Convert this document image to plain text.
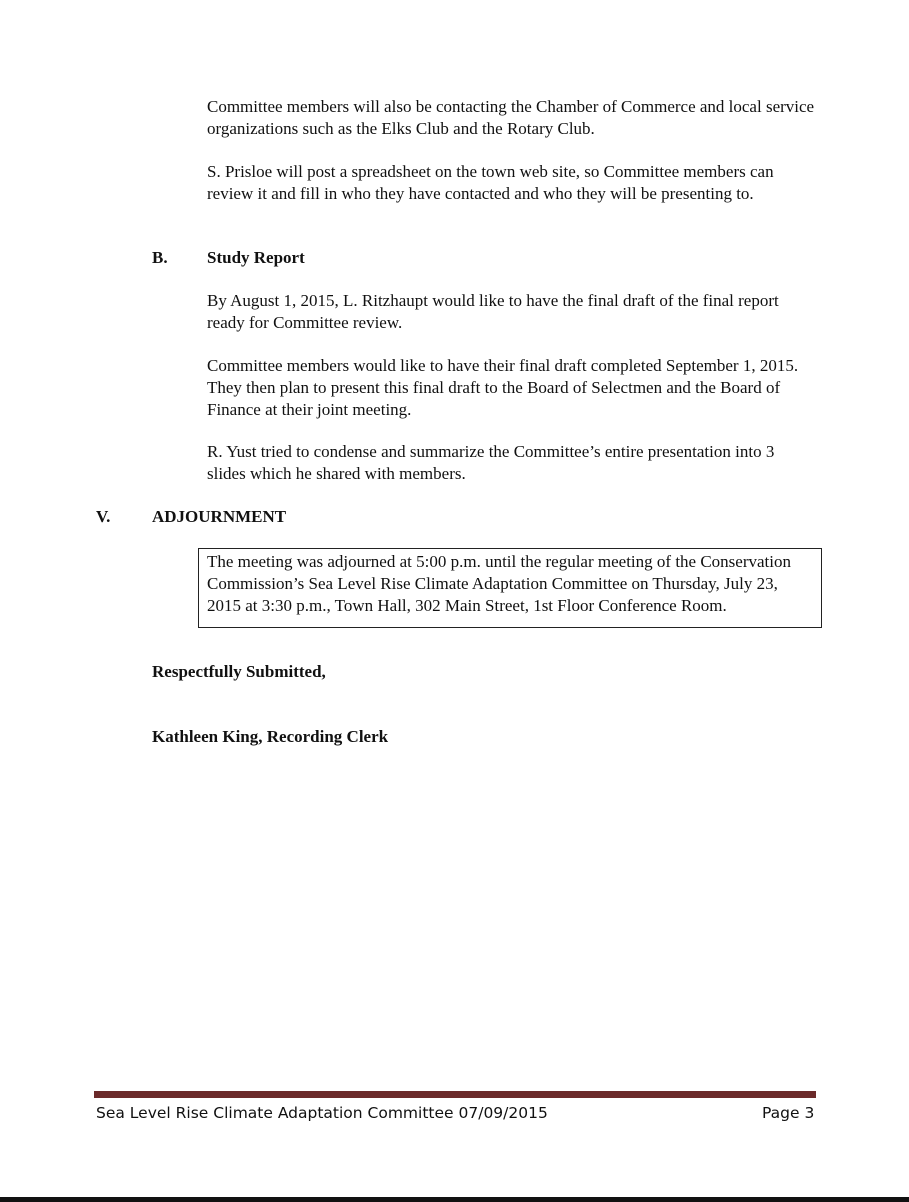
Committee members will also be contacting the Chamber of Commerce and local service organizations such as the Elks Club and the Rotary Club.

S. Prisloe will post a spreadsheet on the town web site, so Committee members can review it and fill in who they have contacted and who they will be presenting to.

B. Study Report

By August 1, 2015, L. Ritzhaupt would like to have the final draft of the final report ready for Committee review.

Committee members would like to have their final draft completed September 1, 2015. They then plan to present this final draft to the Board of Selectmen and the Board of Finance at their joint meeting.

R. Yust tried to condense and summarize the Committee’s entire presentation into 3 slides which he shared with members.

V. ADJOURNMENT

The meeting was adjourned at 5:00 p.m. until the regular meeting of the Conservation Commission’s Sea Level Rise Climate Adaptation Committee on Thursday, July 23, 2015 at 3:30 p.m., Town Hall, 302 Main Street, 1st Floor Conference Room.

Respectfully Submitted,

Kathleen King, Recording Clerk

Sea Level Rise Climate Adaptation Committee 07/09/2015	Page 3
